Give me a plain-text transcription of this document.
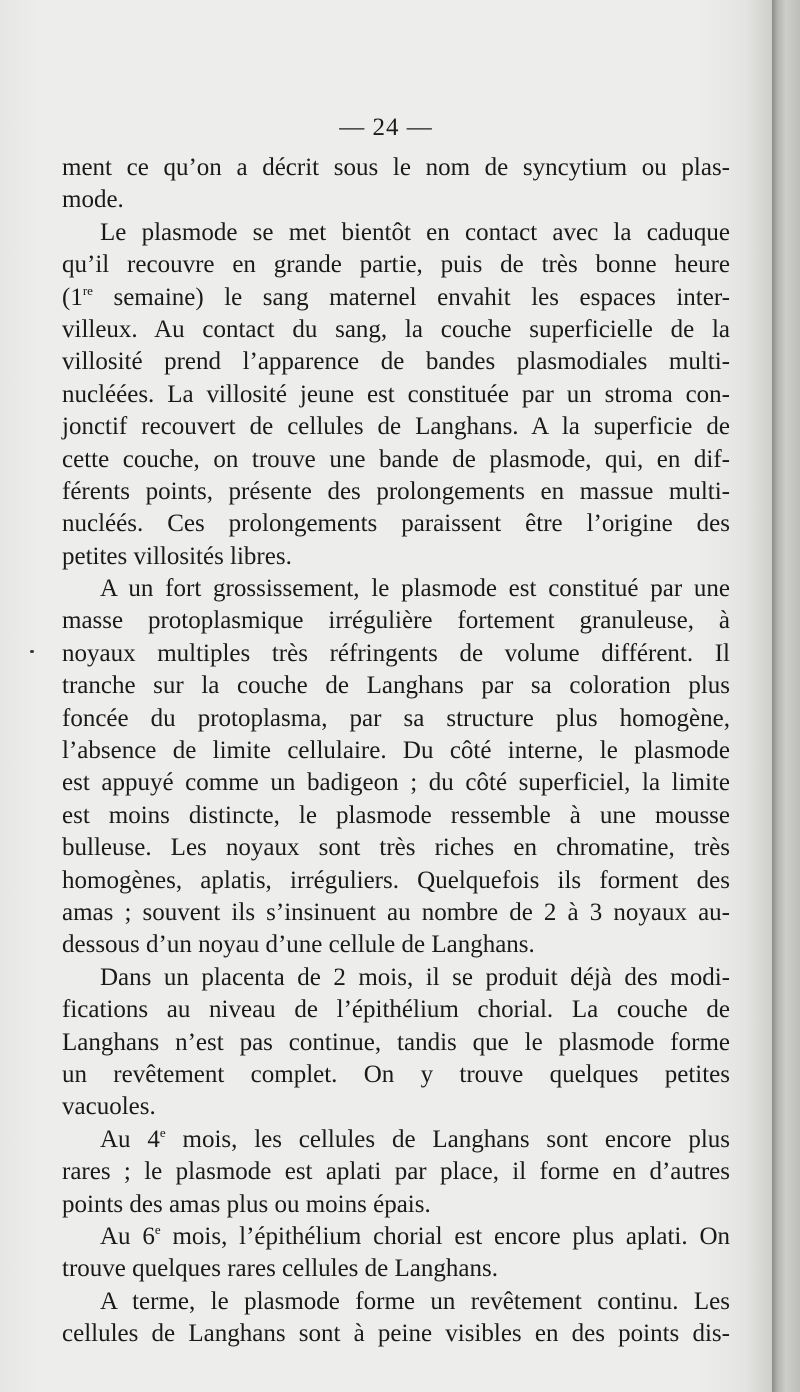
— 24 —
ment ce qu’on a décrit sous le nom de syncytium ou plas-
mode.
Le plasmode se met bientôt en contact avec la caduque
qu’il recouvre en grande partie, puis de très bonne heure
(1re semaine) le sang maternel envahit les espaces inter-
villeux. Au contact du sang, la couche superficielle de la
villosité prend l’apparence de bandes plasmodiales multi-
nucléées. La villosité jeune est constituée par un stroma con-
jonctif recouvert de cellules de Langhans. A la superficie de
cette couche, on trouve une bande de plasmode, qui, en dif-
férents points, présente des prolongements en massue multi-
nucléés. Ces prolongements paraissent être l’origine des
petites villosités libres.
A un fort grossissement, le plasmode est constitué par une
masse protoplasmique irrégulière fortement granuleuse, à
noyaux multiples très réfringents de volume différent. Il
tranche sur la couche de Langhans par sa coloration plus
foncée du protoplasma, par sa structure plus homogène,
l’absence de limite cellulaire. Du côté interne, le plasmode
est appuyé comme un badigeon ; du côté superficiel, la limite
est moins distincte, le plasmode ressemble à une mousse
bulleuse. Les noyaux sont très riches en chromatine, très
homogènes, aplatis, irréguliers. Quelquefois ils forment des
amas ; souvent ils s’insinuent au nombre de 2 à 3 noyaux au-
dessous d’un noyau d’une cellule de Langhans.
Dans un placenta de 2 mois, il se produit déjà des modi-
fications au niveau de l’épithélium chorial. La couche de
Langhans n’est pas continue, tandis que le plasmode forme
un revêtement complet. On y trouve quelques petites
vacuoles.
Au 4e mois, les cellules de Langhans sont encore plus
rares ; le plasmode est aplati par place, il forme en d’autres
points des amas plus ou moins épais.
Au 6e mois, l’épithélium chorial est encore plus aplati. On
trouve quelques rares cellules de Langhans.
A terme, le plasmode forme un revêtement continu. Les
cellules de Langhans sont à peine visibles en des points dis-
